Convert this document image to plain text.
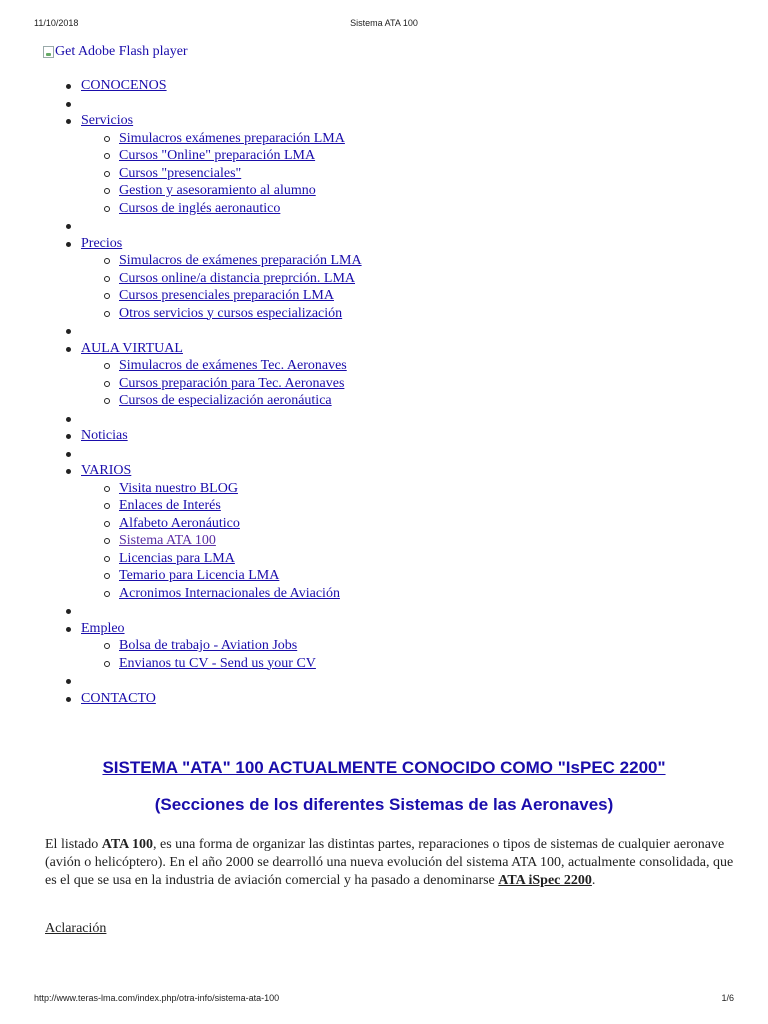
11/10/2018	Sistema ATA 100
Get Adobe Flash player
CONOCENOS
Servicios
Simulacros exámenes preparación LMA
Cursos "Online" preparación LMA
Cursos "presenciales"
Gestion y asesoramiento al alumno
Cursos de inglés aeronautico
Precios
Simulacros de exámenes preparación LMA
Cursos online/a distancia preprción. LMA
Cursos presenciales preparación LMA
Otros servicios y cursos especialización
AULA VIRTUAL
Simulacros de exámenes Tec. Aeronaves
Cursos preparación para Tec. Aeronaves
Cursos de especialización aeronáutica
Noticias
VARIOS
Visita nuestro BLOG
Enlaces de Interés
Alfabeto Aeronáutico
Sistema ATA 100
Licencias para LMA
Temario para Licencia LMA
Acronimos Internacionales de Aviación
Empleo
Bolsa de trabajo - Aviation Jobs
Envianos tu CV - Send us your CV
CONTACTO
SISTEMA "ATA" 100 ACTUALMENTE CONOCIDO COMO "IsPEC 2200"
(Secciones de los diferentes Sistemas de las Aeronaves)

El listado ATA 100, es una forma de organizar las distintas partes, reparaciones o tipos de sistemas de cualquier aeronave (avión o helicóptero). En el año 2000 se dearrolló una nueva evolución del sistema ATA 100, actualmente consolidada, que es el que se usa en la industria de aviación comercial y ha pasado a denominarse ATA iSpec 2200.

Aclaración
http://www.teras-lma.com/index.php/otra-info/sistema-ata-100	1/6
